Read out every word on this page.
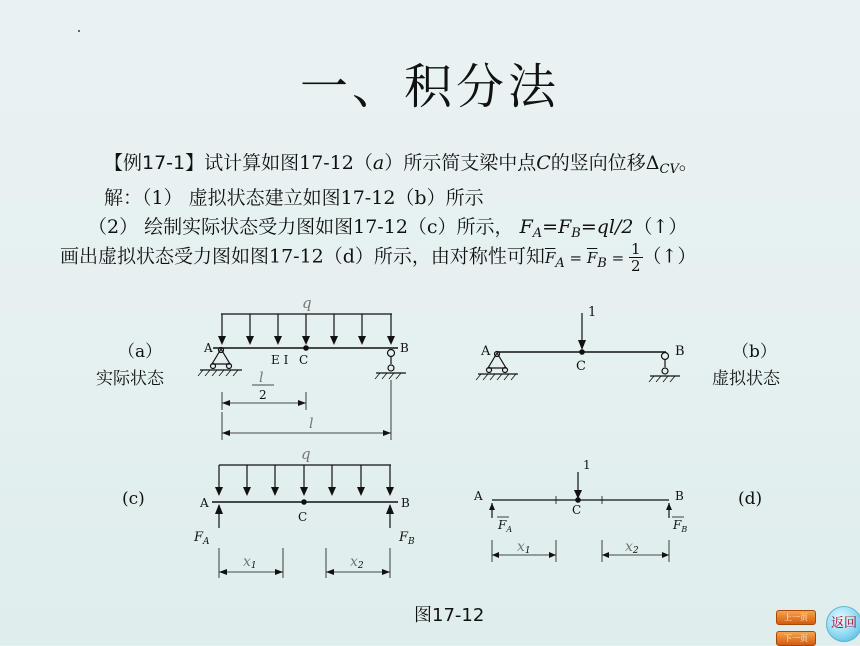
一、积分法
【例17-1】试计算如图17-12（a）所示简支梁中点C的竖向位移$\Delta_{CV}$。
解：（1） 虚拟状态建立如图17-12（b）所示
（2） 绘制实际状态受力图如图17-12（c）所示， $F_A=F_B=ql/2(↑)$
画出虚拟状态受力图如图17-12（d）所示，由对称性可知$\overline{F}A = \overline{F}B = \frac{1}{2}$ （↑）
q
A	B
E I C
l
2
l
（a）
实际状态
（b）
虚拟状态
1
A	B
C
q
A	B
C
$F_A$	$F_B$
x1	x2
1
A	B
C
$F_A$	$F_B$
x1	x2
(c)	(d)
图17-12	上一页
下一页
返回
